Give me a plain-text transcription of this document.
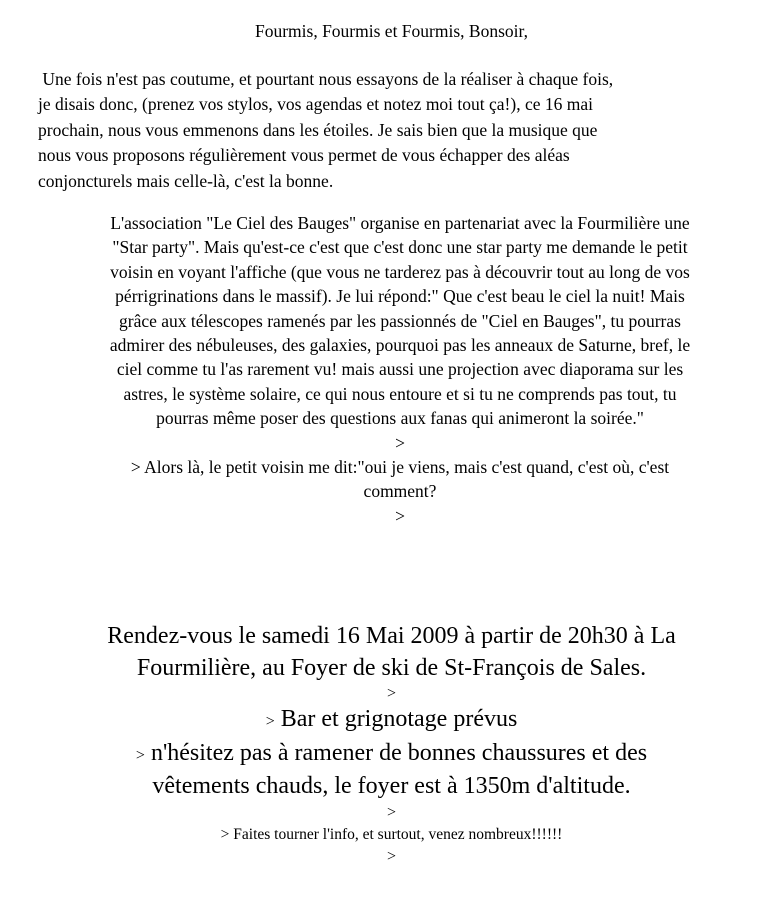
Fourmis, Fourmis et Fourmis, Bonsoir,

Une fois n'est pas coutume, et pourtant nous essayons de la réaliser à chaque fois,
je disais donc, (prenez vos stylos, vos agendas et notez moi tout ça!), ce 16 mai
prochain, nous vous emmenons dans les étoiles. Je sais bien que la musique que
nous vous proposons régulièrement vous permet de vous échapper des aléas
conjoncturels mais celle-là, c'est la bonne.

L'association "Le Ciel des Bauges" organise en partenariat avec la Fourmilière une
"Star party". Mais qu'est-ce c'est que c'est donc une star party me demande le petit
voisin en voyant l'affiche (que vous ne tarderez pas à découvrir tout au long de vos
pérrigrinations dans le massif). Je lui répond:" Que c'est beau le ciel la nuit! Mais
grâce aux télescopes ramenés par les passionnés de "Ciel en Bauges", tu pourras
admirer des nébuleuses, des galaxies, pourquoi pas les anneaux de Saturne, bref, le
ciel comme tu l'as rarement vu! mais aussi une projection avec diaporama sur les
astres, le système solaire, ce qui nous entoure et si tu ne comprends pas tout, tu
pourras même poser des questions aux fanas qui animeront la soirée."
>
> Alors là, le petit voisin me dit:"oui je viens, mais c'est quand, c'est où, c'est
comment?
>

Rendez-vous le samedi 16 Mai 2009 à partir de 20h30 à La
Fourmilière, au Foyer de ski de St-François de Sales.
>
> Bar et grignotage prévus
> n'hésitez pas à ramener de bonnes chaussures et des
vêtements chauds, le foyer est à 1350m d'altitude.
>
> Faites tourner l'info, et surtout, venez nombreux!!!!!!
>
